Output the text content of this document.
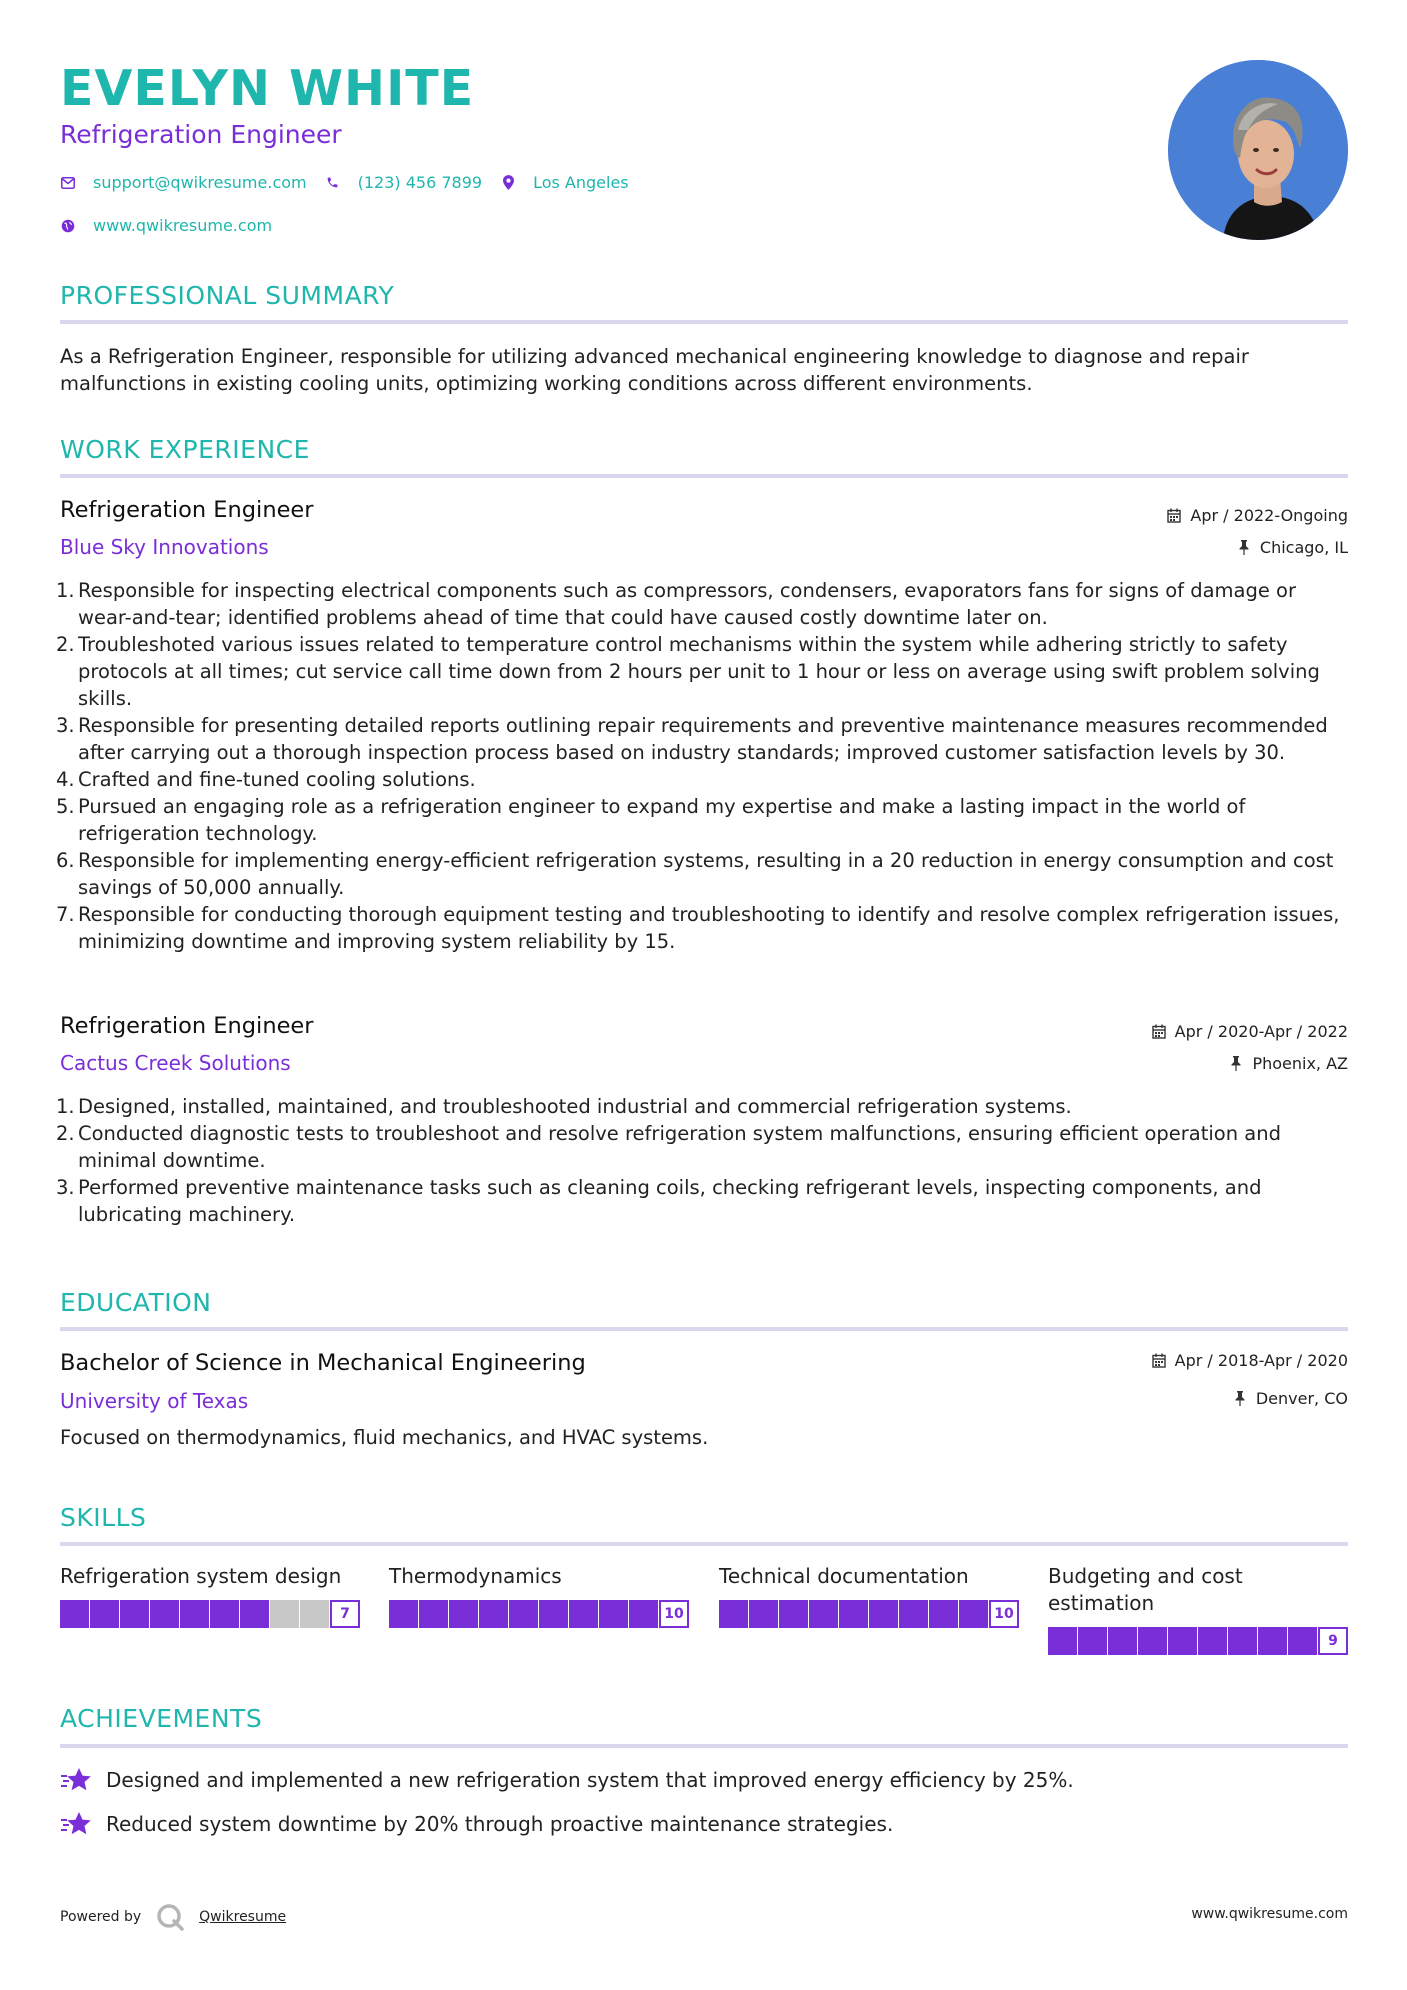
EVELYN WHITE
Refrigeration Engineer
support@qwikresume.com	(123) 456 7899	Los Angeles
www.qwikresume.com
PROFESSIONAL SUMMARY
As a Refrigeration Engineer, responsible for utilizing advanced mechanical engineering knowledge to diagnose and repair malfunctions in existing cooling units, optimizing working conditions across different environments.
WORK EXPERIENCE
Refrigeration Engineer
Blue Sky Innovations
Apr / 2022-Ongoing
Chicago, IL
1. Responsible for inspecting electrical components such as compressors, condensers, evaporators fans for signs of damage or wear-and-tear; identified problems ahead of time that could have caused costly downtime later on.
2. Troubleshoted various issues related to temperature control mechanisms within the system while adhering strictly to safety protocols at all times; cut service call time down from 2 hours per unit to 1 hour or less on average using swift problem solving skills.
3. Responsible for presenting detailed reports outlining repair requirements and preventive maintenance measures recommended after carrying out a thorough inspection process based on industry standards; improved customer satisfaction levels by 30.
4. Crafted and fine-tuned cooling solutions.
5. Pursued an engaging role as a refrigeration engineer to expand my expertise and make a lasting impact in the world of refrigeration technology.
6. Responsible for implementing energy-efficient refrigeration systems, resulting in a 20 reduction in energy consumption and cost savings of 50,000 annually.
7. Responsible for conducting thorough equipment testing and troubleshooting to identify and resolve complex refrigeration issues, minimizing downtime and improving system reliability by 15.
Refrigeration Engineer
Cactus Creek Solutions
Apr / 2020-Apr / 2022
Phoenix, AZ
1. Designed, installed, maintained, and troubleshooted industrial and commercial refrigeration systems.
2. Conducted diagnostic tests to troubleshoot and resolve refrigeration system malfunctions, ensuring efficient operation and minimal downtime.
3. Performed preventive maintenance tasks such as cleaning coils, checking refrigerant levels, inspecting components, and lubricating machinery.
EDUCATION
Bachelor of Science in Mechanical Engineering
University of Texas
Apr / 2018-Apr / 2020
Denver, CO
Focused on thermodynamics, fluid mechanics, and HVAC systems.
SKILLS
Refrigeration system design
7
Thermodynamics
10
Technical documentation
10
Budgeting and cost estimation
9
ACHIEVEMENTS
Designed and implemented a new refrigeration system that improved energy efficiency by 25%.
Reduced system downtime by 20% through proactive maintenance strategies.
Powered by	Qwikresume	www.qwikresume.com
